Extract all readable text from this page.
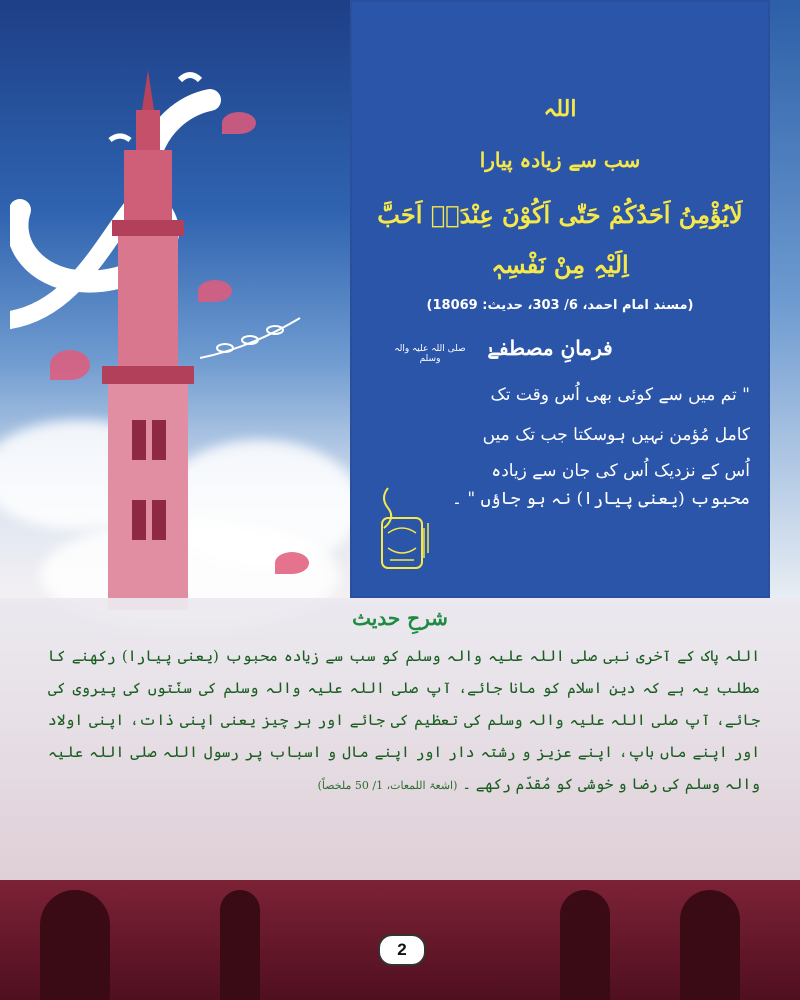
اللہ
سب سے زیادہ پیارا
لَایُؤْمِنُ اَحَدُکُمْ حَتّٰی اَکُوْنَ عِنْدَہٗ اَحَبَّ
اِلَیْہِ مِنْ نَفْسِہٖ
(مسند امام احمد، 6/ 303، حدیث: 18069)
فرمانِ مصطفےٰ
صلی اللہ علیہ والہ وسلم
" تم میں سے کوئی بھی اُس وقت تک
کامل مُؤمن نہیں ہوسکتا جب تک میں
اُس کے نزدیک اُس کی جان سے زیادہ
محبوب (یعنی پیارا) نہ ہو جاؤں " ۔
شرحِ حدیث

اللہ پاک کے آخری نبی صلی اللہ علیہ والہ وسلم کو سب سے زیادہ محبوب (یعنی پیارا) رکھنے کا مطلب یہ ہے کہ دینِ اسلام کو مانا جائے، آپ صلی اللہ علیہ والہ وسلم کی سنّتوں کی پیروی کی جائے، آپ صلی اللہ علیہ والہ وسلم کی تعظیم کی جائے اور ہر چیز یعنی اپنی ذات، اپنی اولاد اور اپنے ماں باپ، اپنے عزیز و رشتہ دار اور اپنے مال و اسباب پر رسول اللہ صلی اللہ علیہ والہ وسلم کی رضا و خوشی کو مُقدّم رکھے ۔ (اشعۃ اللمعات، 1/ 50 ملخصاً)

2
